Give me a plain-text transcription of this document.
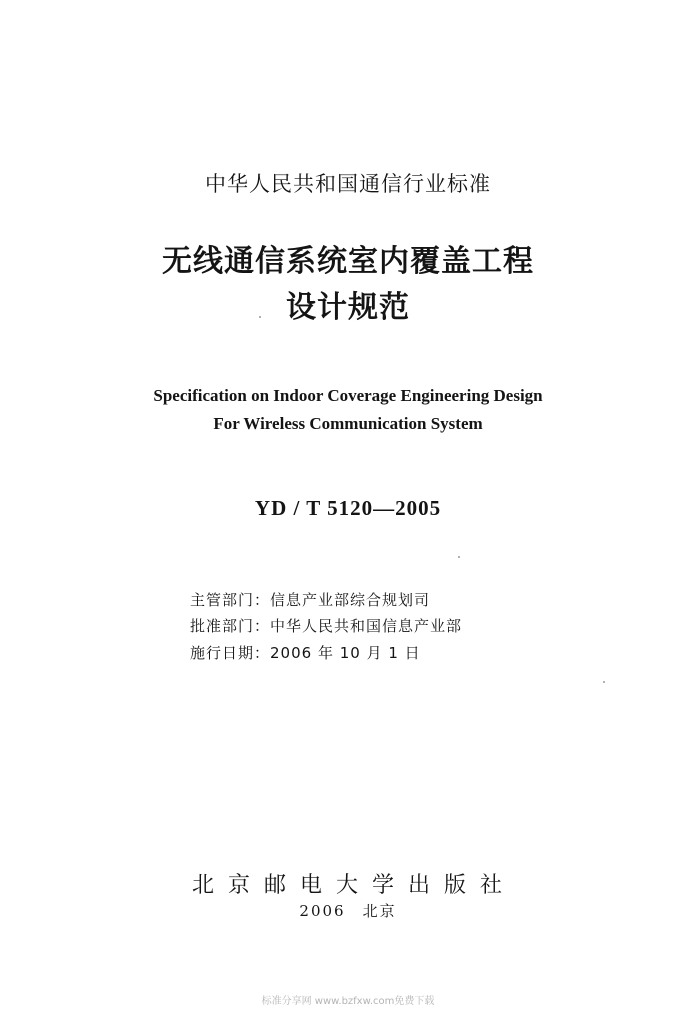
中华人民共和国通信行业标准
无线通信系统室内覆盖工程
设计规范
Specification on Indoor Coverage Engineering Design
For Wireless Communication System
YD / T 5120—2005
主管部门：信息产业部综合规划司
批准部门：中华人民共和国信息产业部
施行日期：2006 年 10 月 1 日
北京邮电大学出版社
2006　北京
标准分享网 www.bzfxw.com免费下载
